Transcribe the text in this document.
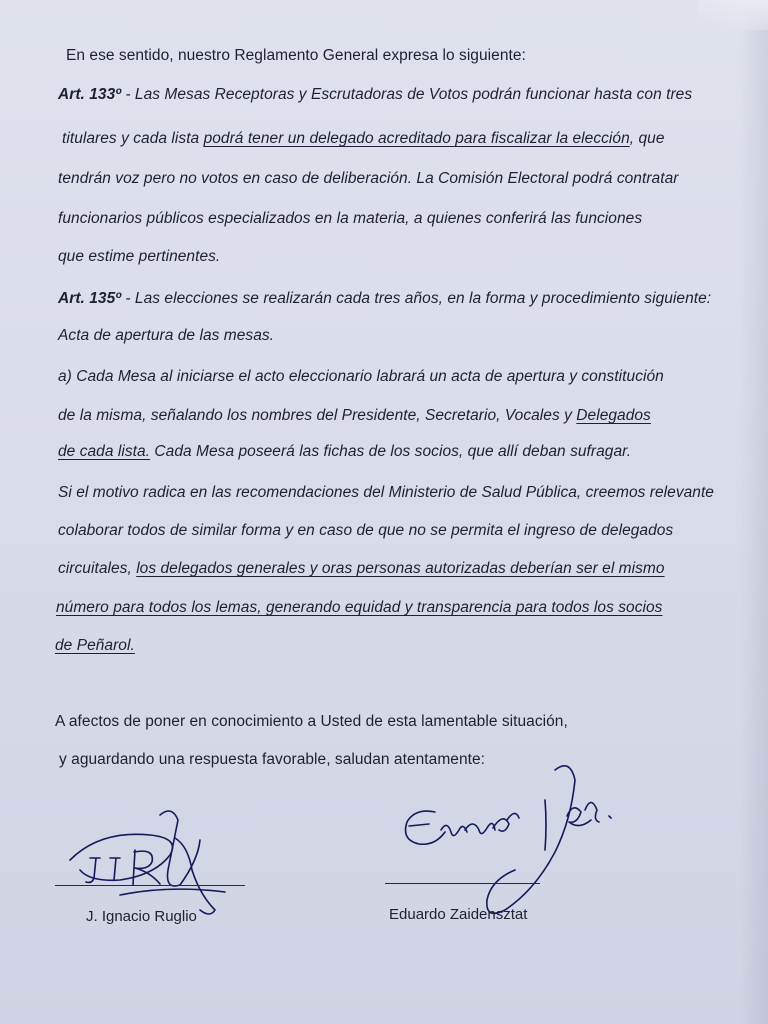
En ese sentido, nuestro Reglamento General expresa lo siguiente:
Art. 133º - Las Mesas Receptoras y Escrutadoras de Votos podrán funcionar hasta con tres
titulares y cada lista podrá tener un delegado acreditado para fiscalizar la elección, que
tendrán voz pero no votos en caso de deliberación. La Comisión Electoral podrá contratar
funcionarios públicos especializados en la materia, a quienes conferirá las funciones
que estime pertinentes.
Art. 135º - Las elecciones se realizarán cada tres años, en la forma y procedimiento siguiente:
Acta de apertura de las mesas.
a) Cada Mesa al iniciarse el acto eleccionario labrará un acta de apertura y constitución
de la misma, señalando los nombres del Presidente, Secretario, Vocales y Delegados
de cada lista. Cada Mesa poseerá las fichas de los socios, que allí deban sufragar.
Si el motivo radica en las recomendaciones del Ministerio de Salud Pública, creemos relevante
colaborar todos de similar forma y en caso de que no se permita el ingreso de delegados
circuitales, los delegados generales y oras personas autorizadas deberían ser el mismo
número para todos los lemas, generando equidad y transparencia para todos los socios
de Peñarol.
A afectos de poner en conocimiento a Usted de esta lamentable situación,
y aguardando una respuesta favorable, saludan atentamente:
J. Ignacio Ruglio	Eduardo Zaidensztat
